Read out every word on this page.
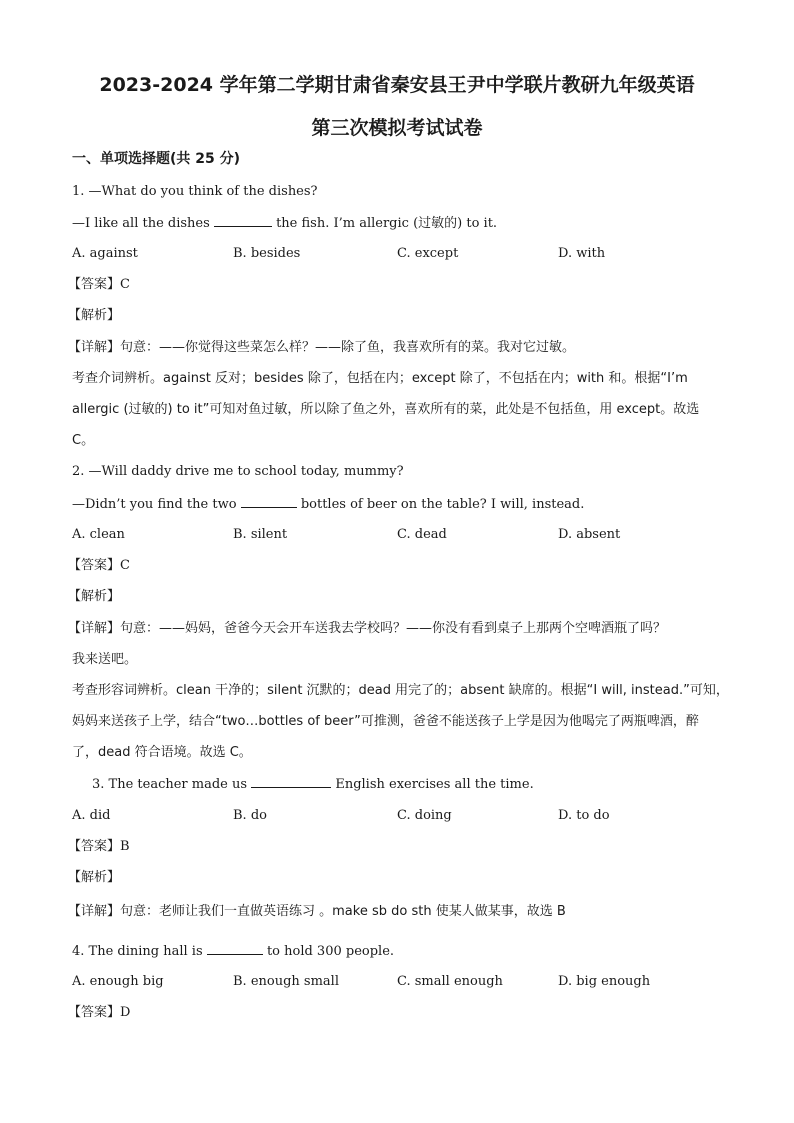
2023-2024 学年第二学期甘肃省秦安县王尹中学联片教研九年级英语
第三次模拟考试试卷
一、单项选择题(共 25 分)
1. —What do you think of the dishes?
—I like all the dishes	the fish. I’m allergic (过敏的) to it.
A. against	B. besides	C. except	D. with
【答案】C
【解析】
【详解】句意：——你觉得这些菜怎么样？——除了鱼，我喜欢所有的菜。我对它过敏。
考查介词辨析。against 反对；besides 除了，包括在内；except 除了，不包括在内；with 和。根据“I’m
allergic (过敏的) to it”可知对鱼过敏，所以除了鱼之外，喜欢所有的菜，此处是不包括鱼，用 except。故选
C。
2. —Will daddy drive me to school today, mummy?
—Didn’t you find the two	bottles of beer on the table? I will, instead.
A. clean	B. silent	C. dead	D. absent
【答案】C
【解析】
【详解】句意：——妈妈，爸爸今天会开车送我去学校吗？——你没有看到桌子上那两个空啤酒瓶了吗？
我来送吧。
考查形容词辨析。clean 干净的；silent 沉默的；dead 用完了的；absent 缺席的。根据“I will, instead.”可知，
妈妈来送孩子上学，结合“two…bottles of beer”可推测，爸爸不能送孩子上学是因为他喝完了两瓶啤酒，醉
了，dead 符合语境。故选 C。
3. The teacher made us	English exercises all the time.
A. did	B. do	C. doing	D. to do
【答案】B
【解析】
【详解】句意：老师让我们一直做英语练习 。make sb do sth 使某人做某事，故选 B
4. The dining hall is	to hold 300 people.
A. enough big	B. enough small	C. small enough	D. big enough
【答案】D
